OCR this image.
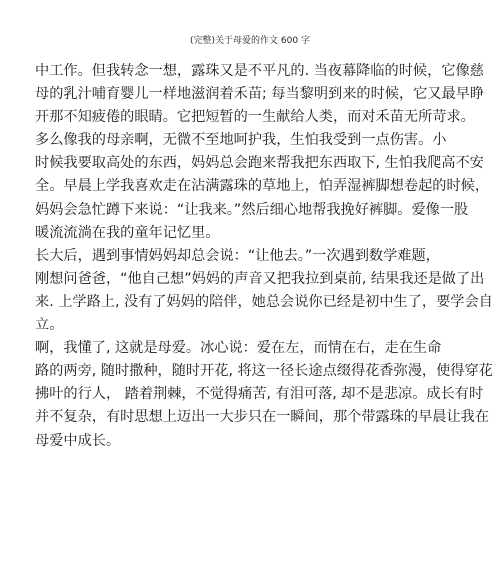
(完整)关于母爱的作文 600 字
中工作。但我转念一想，露珠又是不平凡的. 当夜幕降临的时候，它像慈
母的乳汁哺育婴儿一样地滋润着禾苗; 每当黎明到来的时候，它又最早睁
开那不知疲倦的眼睛。它把短暂的一生献给人类，而对禾苗无所苛求。
多么像我的母亲啊，无微不至地呵护我，生怕我受到一点伤害。小
时候我要取高处的东西，妈妈总会跑来帮我把东西取下, 生怕我爬高不安
全。早晨上学我喜欢走在沾满露珠的草地上，怕弄湿裤脚想卷起的时候，
妈妈会急忙蹲下来说：“让我来。”然后细心地帮我挽好裤脚。爱像一股
暖流流淌在我的童年记忆里。
长大后，遇到事情妈妈却总会说：“让他去。”一次遇到数学难题，
刚想问爸爸，“他自己想”妈妈的声音又把我拉到桌前, 结果我还是做了出
来. 上学路上, 没有了妈妈的陪伴，她总会说你已经是初中生了，要学会自
立。
啊，我懂了, 这就是母爱。冰心说：爱在左，而情在右，走在生命
路的两旁, 随时撒种，随时开花, 将这一径长途点缀得花香弥漫，使得穿花
拂叶的行人， 踏着荆棘，不觉得痛苦, 有泪可落, 却不是悲凉。成长有时
并不复杂，有时思想上迈出一大步只在一瞬间，那个带露珠的早晨让我在
母爱中成长。
